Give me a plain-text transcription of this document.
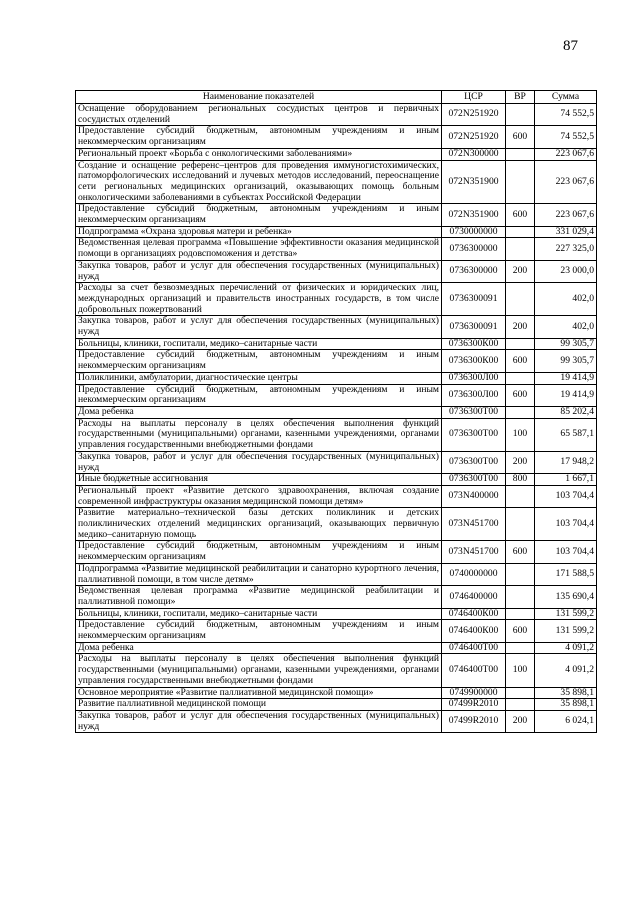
87
Наименование показателей	ЦСР	ВР	Сумма
Оснащение оборудованием региональных сосудистых центров и первичных сосудистых отделений	072N251920		74 552,5
Предоставление субсидий бюджетным, автономным учреждениям и иным некоммерческим организациям	072N251920	600	74 552,5
Региональный проект «Борьба с онкологическими заболеваниями»	072N300000		223 067,6
Создание и оснащение референс–центров для проведения иммуногистохимических, патоморфологических исследований и лучевых методов исследований, переоснащение сети региональных медицинских организаций, оказывающих помощь больным онкологическими заболеваниями в субъектах Российской Федерации	072N351900		223 067,6
Предоставление субсидий бюджетным, автономным учреждениям и иным некоммерческим организациям	072N351900	600	223 067,6
Подпрограмма «Охрана здоровья матери и ребенка»	0730000000		331 029,4
Ведомственная целевая программа «Повышение эффективности оказания медицинской помощи в организациях родовспоможения и детства»	0736300000		227 325,0
Закупка товаров, работ и услуг для обеспечения государственных (муниципальных) нужд	0736300000	200	23 000,0
Расходы за счет безвозмездных перечислений от физических и юридических лиц, международных организаций и правительств иностранных государств, в том числе добровольных пожертвований	0736300091		402,0
Закупка товаров, работ и услуг для обеспечения государственных (муниципальных) нужд	0736300091	200	402,0
Больницы, клиники, госпитали, медико–санитарные части	0736300К00		99 305,7
Предоставление субсидий бюджетным, автономным учреждениям и иным некоммерческим организациям	0736300К00	600	99 305,7
Поликлиники, амбулатории, диагностические центры	0736300Л00		19 414,9
Предоставление субсидий бюджетным, автономным учреждениям и иным некоммерческим организациям	0736300Л00	600	19 414,9
Дома ребенка	0736300Т00		85 202,4
Расходы на выплаты персоналу в целях обеспечения выполнения функций государственными (муниципальными) органами, казенными учреждениями, органами управления государственными внебюджетными фондами	0736300Т00	100	65 587,1
Закупка товаров, работ и услуг для обеспечения государственных (муниципальных) нужд	0736300Т00	200	17 948,2
Иные бюджетные ассигнования	0736300Т00	800	1 667,1
Региональный проект «Развитие детского здравоохранения, включая создание современной инфраструктуры оказания медицинской помощи детям»	073N400000		103 704,4
Развитие материально–технической базы детских поликлиник и детских поликлинических отделений медицинских организаций, оказывающих первичную медико–санитарную помощь	073N451700		103 704,4
Предоставление субсидий бюджетным, автономным учреждениям и иным некоммерческим организациям	073N451700	600	103 704,4
Подпрограмма «Развитие медицинской реабилитации и санаторно курортного лечения, паллиативной помощи, в том числе детям»	0740000000		171 588,5
Ведомственная целевая программа «Развитие медицинской реабилитации и паллиативной помощи»	0746400000		135 690,4
Больницы, клиники, госпитали, медико–санитарные части	0746400К00		131 599,2
Предоставление субсидий бюджетным, автономным учреждениям и иным некоммерческим организациям	0746400К00	600	131 599,2
Дома ребенка	0746400Т00		4 091,2
Расходы на выплаты персоналу в целях обеспечения выполнения функций государственными (муниципальными) органами, казенными учреждениями, органами управления государственными внебюджетными фондами	0746400Т00	100	4 091,2
Основное мероприятие «Развитие паллиативной медицинской помощи»	0749900000		35 898,1
Развитие паллиативной медицинской помощи	07499R2010		35 898,1
Закупка товаров, работ и услуг для обеспечения государственных (муниципальных) нужд	07499R2010	200	6 024,1
